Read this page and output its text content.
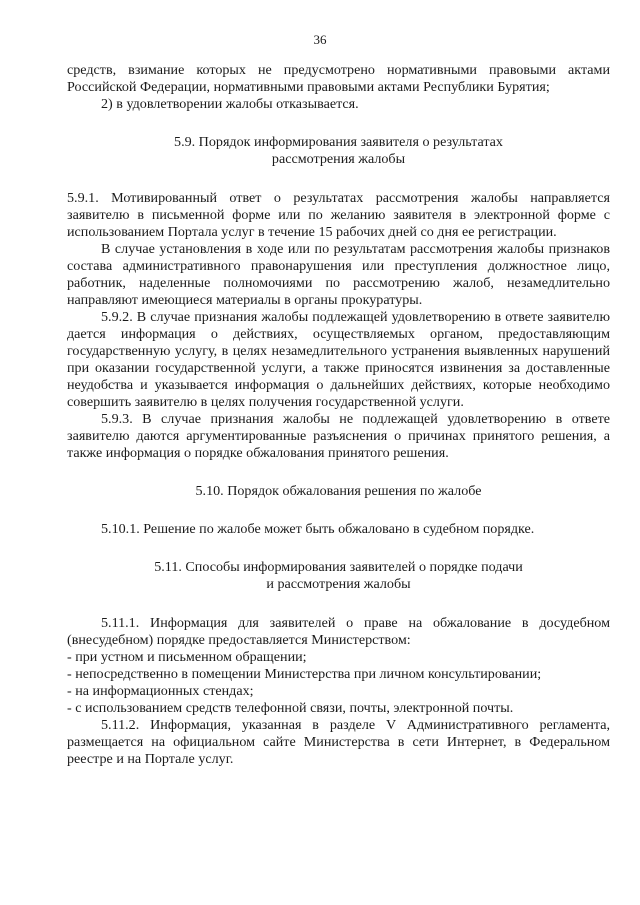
36

средств, взимание которых не предусмотрено нормативными правовыми актами Российской Федерации, нормативными правовыми актами Республики Бурятия;

2) в удовлетворении жалобы отказывается.

5.9. Порядок информирования заявителя о результатах

рассмотрения жалобы

5.9.1. Мотивированный ответ о результатах рассмотрения жалобы направляется заявителю в письменной форме или по желанию заявителя в электронной форме с использованием Портала услуг в течение 15 рабочих дней со дня ее регистрации.

В случае установления в ходе или по результатам рассмотрения жалобы признаков состава административного правонарушения или преступления должностное лицо, работник, наделенные полномочиями по рассмотрению жалоб, незамедлительно направляют имеющиеся материалы в органы прокуратуры.

5.9.2. В случае признания жалобы подлежащей удовлетворению в ответе заявителю дается информация о действиях, осуществляемых органом, предоставляющим государственную услугу, в целях незамедлительного устранения выявленных нарушений при оказании государственной услуги, а также приносятся извинения за доставленные неудобства и указывается информация о дальнейших действиях, которые необходимо совершить заявителю в целях получения государственной услуги.

5.9.3. В случае признания жалобы не подлежащей удовлетворению в ответе заявителю даются аргументированные разъяснения о причинах принятого решения, а также информация о порядке обжалования принятого решения.

5.10. Порядок обжалования решения по жалобе

5.10.1. Решение по жалобе может быть обжаловано в судебном порядке.

5.11. Способы информирования заявителей о порядке подачи

и рассмотрения жалобы

5.11.1. Информация для заявителей о праве на обжалование в досудебном (внесудебном) порядке предоставляется Министерством:

- при устном и письменном обращении;

- непосредственно в помещении Министерства при личном консультировании;

- на информационных стендах;

- с использованием средств телефонной связи, почты, электронной почты.

5.11.2. Информация, указанная в разделе V Административного регламента, размещается на официальном сайте Министерства в сети Интернет, в Федеральном реестре и на Портале услуг.
